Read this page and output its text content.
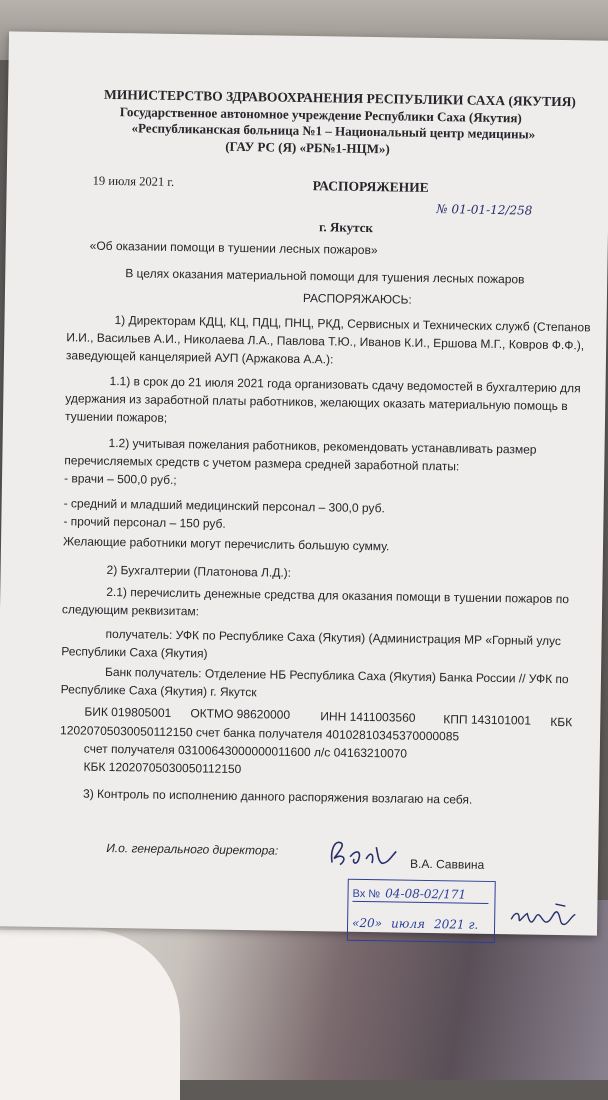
МИНИСТЕРСТВО ЗДРАВООХРАНЕНИЯ РЕСПУБЛИКИ САХА (ЯКУТИЯ)
Государственное автономное учреждение Республики Саха (Якутия)
«Республиканская больница №1 – Национальный центр медицины»
(ГАУ РС (Я) «РБ№1-НЦМ»)
19 июля 2021 г.	РАСПОРЯЖЕНИЕ
№ 01-01-12/258
г. Якутск
«Об оказании помощи в тушении лесных пожаров»
В целях оказания материальной помощи для тушения лесных пожаров
РАСПОРЯЖАЮСЬ:
1) Директорам КДЦ, КЦ, ПДЦ, ПНЦ, РКД, Сервисных и Технических служб (Степанов
И.И., Васильев А.И., Николаева Л.А., Павлова Т.Ю., Иванов К.И., Ершова М.Г., Ковров Ф.Ф.),
заведующей канцелярией АУП (Аржакова А.А.):
1.1) в срок до 21 июля 2021 года организовать сдачу ведомостей в бухгалтерию для
удержания из заработной платы работников, желающих оказать материальную помощь в
тушении пожаров;
1.2) учитывая пожелания работников, рекомендовать устанавливать размер
перечисляемых средств с учетом размера средней заработной платы:
- врачи – 500,0 руб.;
- средний и младший медицинский персонал – 300,0 руб.
- прочий персонал – 150 руб.
Желающие работники могут перечислить большую сумму.
2) Бухгалтерии (Платонова Л.Д.):
2.1) перечислить денежные средства для оказания помощи в тушении пожаров по
следующим реквизитам:
получатель: УФК по Республике Саха (Якутия) (Администрация МР «Горный улус
Республики Саха (Якутия)
Банк получатель: Отделение НБ Республика Саха (Якутия) Банка России // УФК по
Республике Саха (Якутия) г. Якутск
БИК 019805001 ОКТМО 98620000	ИНН 1411003560 КПП 143101001 КБК
12020705030050112150 счет банка получателя 40102810345370000085
счет получателя 03100643000000011600 л/с 04163210070
КБК 12020705030050112150
3) Контроль по исполнению данного распоряжения возлагаю на себя.
И.о. генерального директора:
В.А. Саввина
Вх № 04-08-02/171
«20» июля 2021 г.
